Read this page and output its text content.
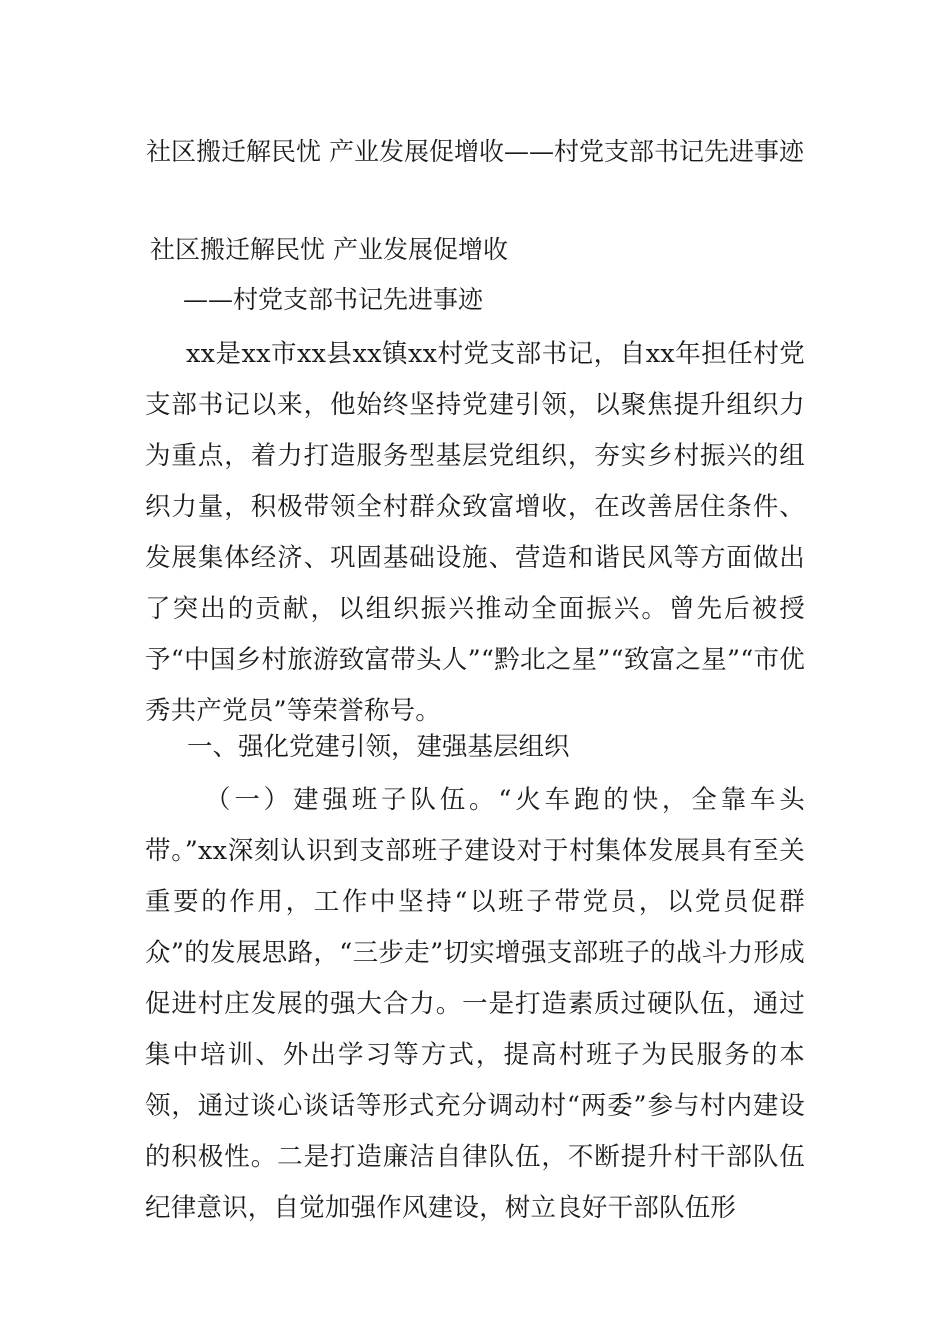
社区搬迁解民忧 产业发展促增收——村党支部书记先进事迹

社区搬迁解民忧 产业发展促增收

——村党支部书记先进事迹

xx是xx市xx县xx镇xx村党支部书记，自xx年担任村党支部书记以来，他始终坚持党建引领，以聚焦提升组织力为重点，着力打造服务型基层党组织，夯实乡村振兴的组织力量，积极带领全村群众致富增收，在改善居住条件、发展集体经济、巩固基础设施、营造和谐民风等方面做出了突出的贡献，以组织振兴推动全面振兴。曾先后被授予“中国乡村旅游致富带头人”“黔北之星”“致富之星”“市优秀共产党员”等荣誉称号。

一、强化党建引领，建强基层组织

（一）建强班子队伍。“火车跑的快，全靠车头带。”xx深刻认识到支部班子建设对于村集体发展具有至关重要的作用，工作中坚持“以班子带党员，以党员促群众”的发展思路，“三步走”切实增强支部班子的战斗力形成促进村庄发展的强大合力。一是打造素质过硬队伍，通过集中培训、外出学习等方式，提高村班子为民服务的本领，通过谈心谈话等形式充分调动村“两委”参与村内建设的积极性。二是打造廉洁自律队伍，不断提升村干部队伍纪律意识，自觉加强作风建设，树立良好干部队伍形
